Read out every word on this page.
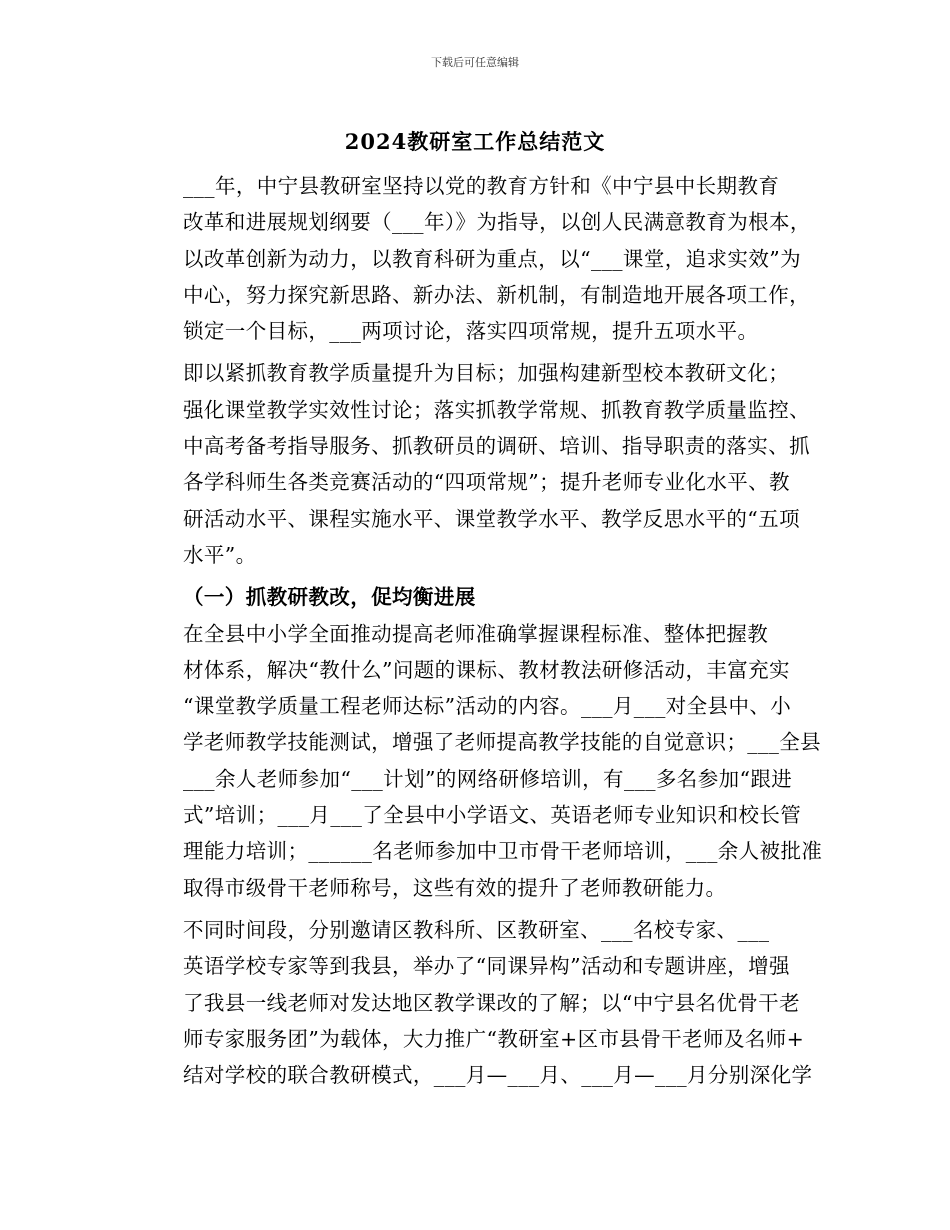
下载后可任意编辑
2024教研室工作总结范文
___年，中宁县教研室坚持以党的教育方针和《中宁县中长期教育
改革和进展规划纲要（___年）》为指导，以创人民满意教育为根本，
以改革创新为动力，以教育科研为重点，以“___课堂，追求实效”为
中心，努力探究新思路、新办法、新机制，有制造地开展各项工作，
锁定一个目标，___两项讨论，落实四项常规，提升五项水平。
即以紧抓教育教学质量提升为目标；加强构建新型校本教研文化；
强化课堂教学实效性讨论；落实抓教学常规、抓教育教学质量监控、
中高考备考指导服务、抓教研员的调研、培训、指导职责的落实、抓
各学科师生各类竞赛活动的“四项常规”；提升老师专业化水平、教
研活动水平、课程实施水平、课堂教学水平、教学反思水平的“五项
水平”。
（一）抓教研教改，促均衡进展
在全县中小学全面推动提高老师准确掌握课程标准、整体把握教
材体系，解决“教什么”问题的课标、教材教法研修活动，丰富充实
“课堂教学质量工程老师达标”活动的内容。___月___对全县中、小
学老师教学技能测试，增强了老师提高教学技能的自觉意识；___全县
___余人老师参加“___计划”的网络研修培训，有___多名参加“跟进
式”培训；___月___了全县中小学语文、英语老师专业知识和校长管
理能力培训；______名老师参加中卫市骨干老师培训，___余人被批准
取得市级骨干老师称号，这些有效的提升了老师教研能力。
不同时间段，分别邀请区教科所、区教研室、___名校专家、___
英语学校专家等到我县，举办了“同课异构”活动和专题讲座，增强
了我县一线老师对发达地区教学课改的了解；以“中宁县名优骨干老
师专家服务团”为载体，大力推广“教研室+区市县骨干老师及名师+
结对学校的联合教研模式，___月—___月、___月—___月分别深化学
